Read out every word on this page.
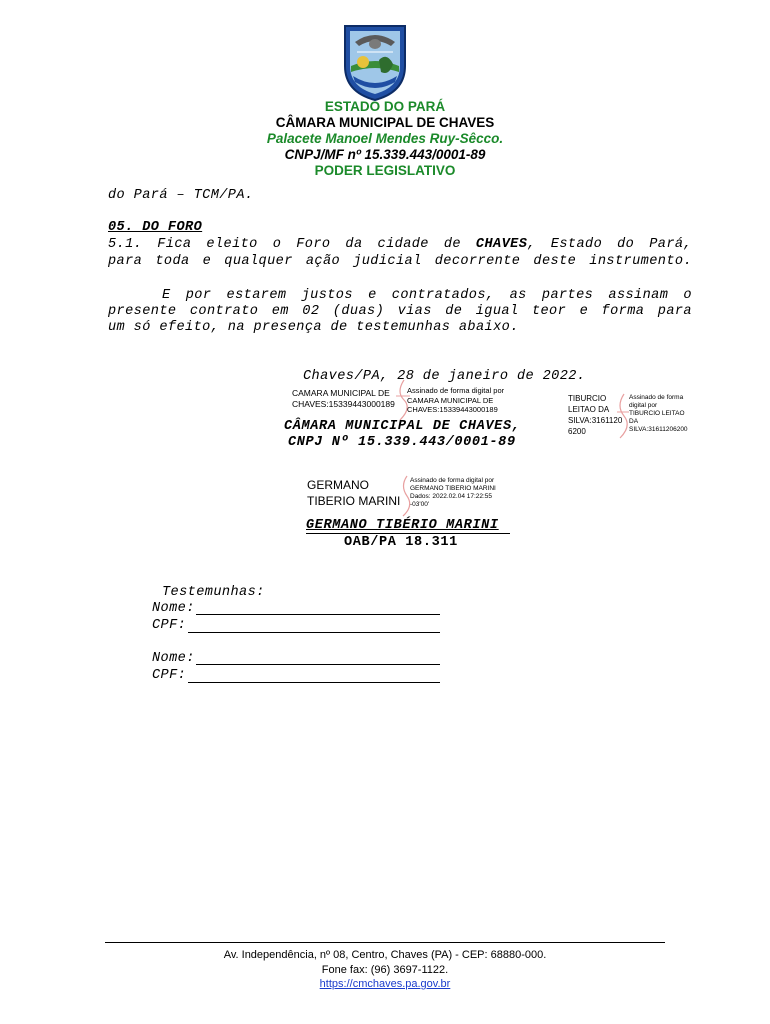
ESTADO DO PARÁ
CÂMARA MUNICIPAL DE CHAVES
Palacete Manoel Mendes Ruy-Sêcco.
CNPJ/MF nº 15.339.443/0001-89
PODER LEGISLATIVO
do Pará – TCM/PA.
05. DO FORO
5.1. Fica eleito o Foro da cidade de CHAVES, Estado do Pará,
para toda e qualquer ação judicial decorrente deste instrumento.
E por estarem justos e contratados, as partes assinam o
presente contrato em 02 (duas) vias de igual teor e forma para
um só efeito, na presença de testemunhas abaixo.
Chaves/PA, 28 de janeiro de 2022.
CAMARA MUNICIPAL DE
CHAVES:15339443000189
Assinado de forma digital por
CAMARA MUNICIPAL DE
CHAVES:15339443000189
CÂMARA MUNICIPAL DE CHAVES,
CNPJ Nº 15.339.443/0001-89
TIBURCIO
LEITAO DA
SILVA:3161120
6200
Assinado de forma
digital por
TIBURCIO LEITAO
DA
SILVA:31611206200
GERMANO
TIBERIO MARINI
Assinado de forma digital por
GERMANO TIBERIO MARINI
Dados: 2022.02.04 17:22:55
-03'00'
GERMANO TIBÉRIO MARINI
OAB/PA 18.311
Testemunhas:
Nome:
CPF:
Nome:
CPF:
Av. Independência, nº 08, Centro, Chaves (PA) - CEP: 68880-000.
Fone fax: (96) 3697-1122.
https://cmchaves.pa.gov.br
